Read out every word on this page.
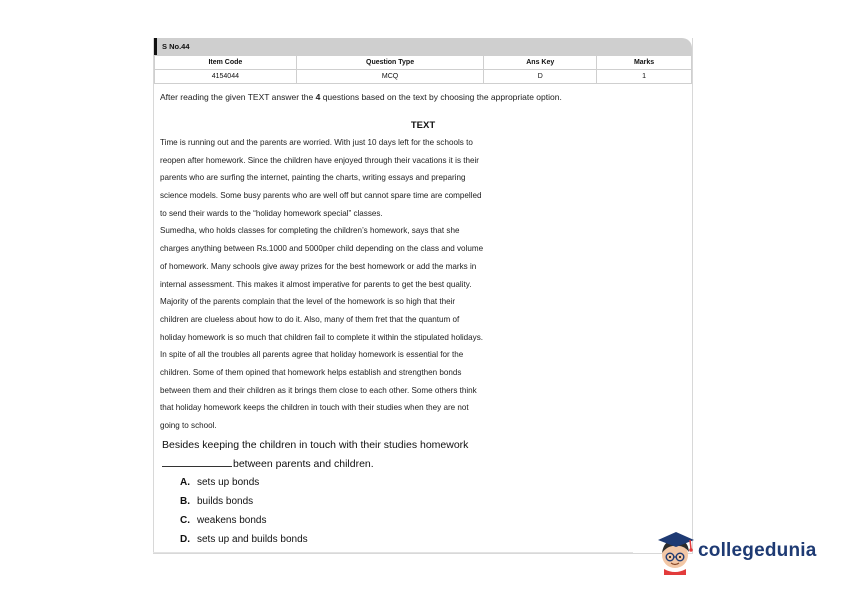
S No.44
Item Code	Question Type	Ans Key	Marks
4154044	MCQ	D	1
After reading the given TEXT answer the 4 questions based on the text by choosing the appropriate option.
TEXT
Time is running out and the parents are worried. With just 10 days left for the schools to
reopen after homework. Since the children have enjoyed through their vacations it is their
parents who are surfing the internet, painting the charts, writing essays and preparing
science models. Some busy parents who are well off but cannot spare time are compelled
to send their wards to the “holiday homework special” classes.
Sumedha, who holds classes for completing the children’s homework, says that she
charges anything between Rs.1000 and 5000per child depending on the class and volume
of homework. Many schools give away prizes for the best homework or add the marks in
internal assessment. This makes it almost imperative for parents to get the best quality.
Majority of the parents complain that the level of the homework is so high that their
children are clueless about how to do it. Also, many of them fret that the quantum of
holiday homework is so much that children fail to complete it within the stipulated holidays.
In spite of all the troubles all parents agree that holiday homework is essential for the
children. Some of them opined that homework helps establish and strengthen bonds
between them and their children as it brings them close to each other. Some others think
that holiday homework keeps the children in touch with their studies when they are not
going to school.
Besides keeping the children in touch with their studies homework
between parents and children.
A. sets up bonds
B. builds bonds
C. weakens bonds
D. sets up and builds bonds
collegedunia
